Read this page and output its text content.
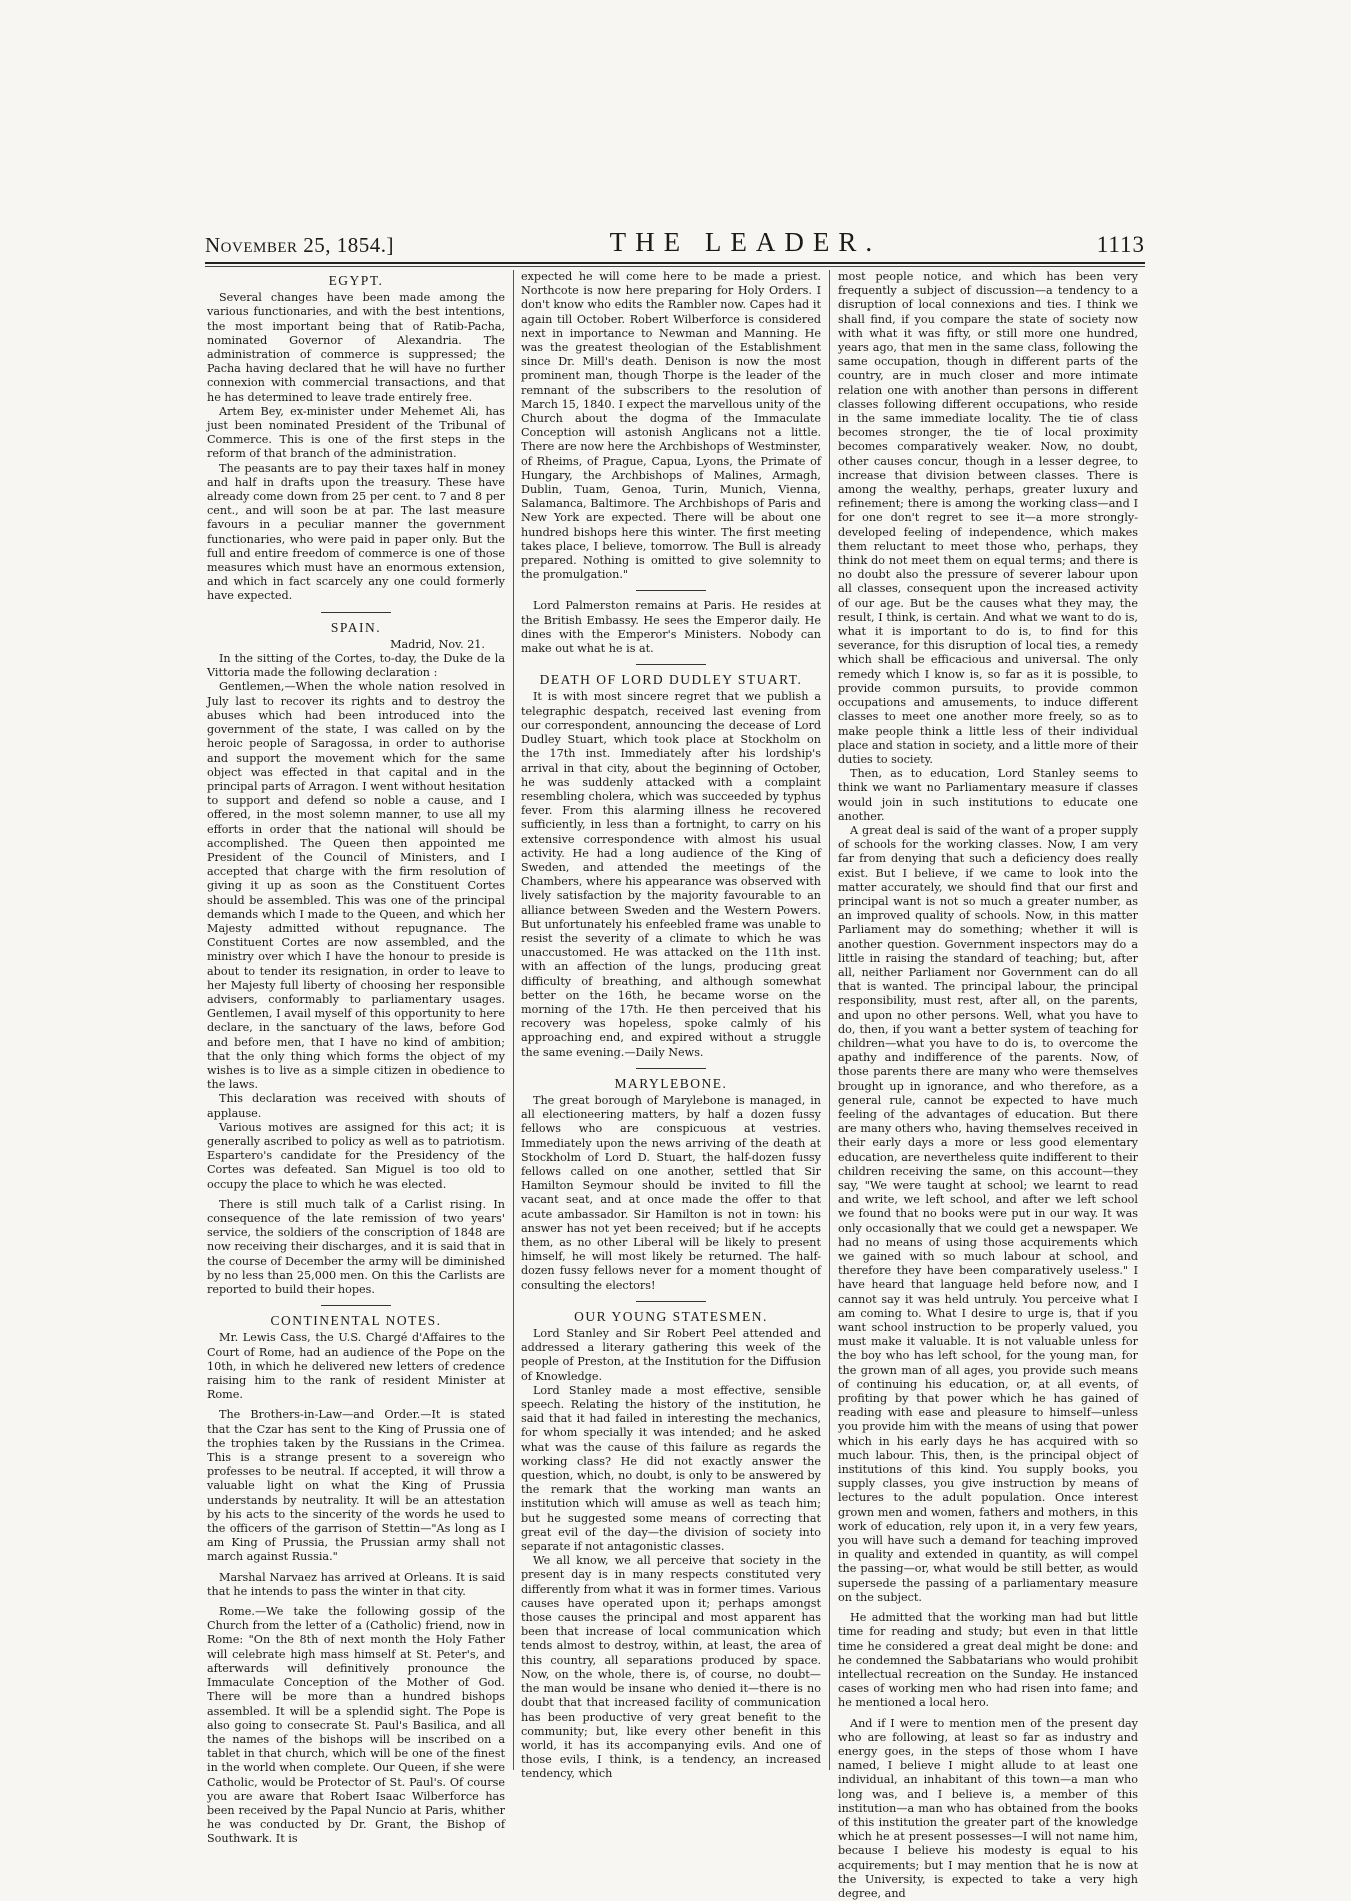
November 25, 1854.]	THE LEADER.	1113
EGYPT.

Several changes have been made among the various functionaries, and with the best intentions, the most important being that of Ratib-Pacha, nominated Governor of Alexandria. The administration of commerce is suppressed; the Pacha having declared that he will have no further connexion with commercial transactions, and that he has determined to leave trade entirely free.

Artem Bey, ex-minister under Mehemet Ali, has just been nominated President of the Tribunal of Commerce. This is one of the first steps in the reform of that branch of the administration.

The peasants are to pay their taxes half in money and half in drafts upon the treasury. These have already come down from 25 per cent. to 7 and 8 per cent., and will soon be at par. The last measure favours in a peculiar manner the government functionaries, who were paid in paper only. But the full and entire freedom of commerce is one of those measures which must have an enormous extension, and which in fact scarcely any one could formerly have expected.

SPAIN.

Madrid, Nov. 21.

In the sitting of the Cortes, to-day, the Duke de la Vittoria made the following declaration :

Gentlemen,—When the whole nation resolved in July last to recover its rights and to destroy the abuses which had been introduced into the government of the state, I was called on by the heroic people of Saragossa, in order to authorise and support the movement which for the same object was effected in that capital and in the principal parts of Arragon. I went without hesitation to support and defend so noble a cause, and I offered, in the most solemn manner, to use all my efforts in order that the national will should be accomplished. The Queen then appointed me President of the Council of Ministers, and I accepted that charge with the firm resolution of giving it up as soon as the Constituent Cortes should be assembled. This was one of the principal demands which I made to the Queen, and which her Majesty admitted without repugnance. The Constituent Cortes are now assembled, and the ministry over which I have the honour to preside is about to tender its resignation, in order to leave to her Majesty full liberty of choosing her responsible advisers, conformably to parliamentary usages. Gentlemen, I avail myself of this opportunity to here declare, in the sanctuary of the laws, before God and before men, that I have no kind of ambition; that the only thing which forms the object of my wishes is to live as a simple citizen in obedience to the laws.

This declaration was received with shouts of applause.

Various motives are assigned for this act; it is generally ascribed to policy as well as to patriotism. Espartero's candidate for the Presidency of the Cortes was defeated. San Miguel is too old to occupy the place to which he was elected.

There is still much talk of a Carlist rising. In consequence of the late remission of two years' service, the soldiers of the conscription of 1848 are now receiving their discharges, and it is said that in the course of December the army will be diminished by no less than 25,000 men. On this the Carlists are reported to build their hopes.

CONTINENTAL NOTES.

Mr. Lewis Cass, the U.S. Chargé d'Affaires to the Court of Rome, had an audience of the Pope on the 10th, in which he delivered new letters of credence raising him to the rank of resident Minister at Rome.

The Brothers-in-Law—and Order.—It is stated that the Czar has sent to the King of Prussia one of the trophies taken by the Russians in the Crimea. This is a strange present to a sovereign who professes to be neutral. If accepted, it will throw a valuable light on what the King of Prussia understands by neutrality. It will be an attestation by his acts to the sincerity of the words he used to the officers of the garrison of Stettin—"As long as I am King of Prussia, the Prussian army shall not march against Russia."

Marshal Narvaez has arrived at Orleans. It is said that he intends to pass the winter in that city.

Rome.—We take the following gossip of the Church from the letter of a (Catholic) friend, now in Rome: "On the 8th of next month the Holy Father will celebrate high mass himself at St. Peter's, and afterwards will definitively pronounce the Immaculate Conception of the Mother of God. There will be more than a hundred bishops assembled. It will be a splendid sight. The Pope is also going to consecrate St. Paul's Basilica, and all the names of the bishops will be inscribed on a tablet in that church, which will be one of the finest in the world when complete. Our Queen, if she were Catholic, would be Protector of St. Paul's. Of course you are aware that Robert Isaac Wilberforce has been received by the Papal Nuncio at Paris, whither he was conducted by Dr. Grant, the Bishop of Southwark. It is

expected he will come here to be made a priest. Northcote is now here preparing for Holy Orders. I don't know who edits the Rambler now. Capes had it again till October. Robert Wilberforce is considered next in importance to Newman and Manning. He was the greatest theologian of the Establishment since Dr. Mill's death. Denison is now the most prominent man, though Thorpe is the leader of the remnant of the subscribers to the resolution of March 15, 1840. I expect the marvellous unity of the Church about the dogma of the Immaculate Conception will astonish Anglicans not a little. There are now here the Archbishops of Westminster, of Rheims, of Prague, Capua, Lyons, the Primate of Hungary, the Archbishops of Malines, Armagh, Dublin, Tuam, Genoa, Turin, Munich, Vienna, Salamanca, Baltimore. The Archbishops of Paris and New York are expected. There will be about one hundred bishops here this winter. The first meeting takes place, I believe, tomorrow. The Bull is already prepared. Nothing is omitted to give solemnity to the promulgation."

Lord Palmerston remains at Paris. He resides at the British Embassy. He sees the Emperor daily. He dines with the Emperor's Ministers. Nobody can make out what he is at.

DEATH OF LORD DUDLEY STUART.

It is with most sincere regret that we publish a telegraphic despatch, received last evening from our correspondent, announcing the decease of Lord Dudley Stuart, which took place at Stockholm on the 17th inst. Immediately after his lordship's arrival in that city, about the beginning of October, he was suddenly attacked with a complaint resembling cholera, which was succeeded by typhus fever. From this alarming illness he recovered sufficiently, in less than a fortnight, to carry on his extensive correspondence with almost his usual activity. He had a long audience of the King of Sweden, and attended the meetings of the Chambers, where his appearance was observed with lively satisfaction by the majority favourable to an alliance between Sweden and the Western Powers. But unfortunately his enfeebled frame was unable to resist the severity of a climate to which he was unaccustomed. He was attacked on the 11th inst. with an affection of the lungs, producing great difficulty of breathing, and although somewhat better on the 16th, he became worse on the morning of the 17th. He then perceived that his recovery was hopeless, spoke calmly of his approaching end, and expired without a struggle the same evening.—Daily News.

MARYLEBONE.

The great borough of Marylebone is managed, in all electioneering matters, by half a dozen fussy fellows who are conspicuous at vestries. Immediately upon the news arriving of the death at Stockholm of Lord D. Stuart, the half-dozen fussy fellows called on one another, settled that Sir Hamilton Seymour should be invited to fill the vacant seat, and at once made the offer to that acute ambassador. Sir Hamilton is not in town: his answer has not yet been received; but if he accepts them, as no other Liberal will be likely to present himself, he will most likely be returned. The half-dozen fussy fellows never for a moment thought of consulting the electors!

OUR YOUNG STATESMEN.

Lord Stanley and Sir Robert Peel attended and addressed a literary gathering this week of the people of Preston, at the Institution for the Diffusion of Knowledge.

Lord Stanley made a most effective, sensible speech. Relating the history of the institution, he said that it had failed in interesting the mechanics, for whom specially it was intended; and he asked what was the cause of this failure as regards the working class? He did not exactly answer the question, which, no doubt, is only to be answered by the remark that the working man wants an institution which will amuse as well as teach him; but he suggested some means of correcting that great evil of the day—the division of society into separate if not antagonistic classes.

We all know, we all perceive that society in the present day is in many respects constituted very differently from what it was in former times. Various causes have operated upon it; perhaps amongst those causes the principal and most apparent has been that increase of local communication which tends almost to destroy, within, at least, the area of this country, all separations produced by space. Now, on the whole, there is, of course, no doubt—the man would be insane who denied it—there is no doubt that that increased facility of communication has been productive of very great benefit to the community; but, like every other benefit in this world, it has its accompanying evils. And one of those evils, I think, is a tendency, an increased tendency, which

most people notice, and which has been very frequently a subject of discussion—a tendency to a disruption of local connexions and ties. I think we shall find, if you compare the state of society now with what it was fifty, or still more one hundred, years ago, that men in the same class, following the same occupation, though in different parts of the country, are in much closer and more intimate relation one with another than persons in different classes following different occupations, who reside in the same immediate locality. The tie of class becomes stronger, the tie of local proximity becomes comparatively weaker. Now, no doubt, other causes concur, though in a lesser degree, to increase that division between classes. There is among the wealthy, perhaps, greater luxury and refinement; there is among the working class—and I for one don't regret to see it—a more strongly-developed feeling of independence, which makes them reluctant to meet those who, perhaps, they think do not meet them on equal terms; and there is no doubt also the pressure of severer labour upon all classes, consequent upon the increased activity of our age. But be the causes what they may, the result, I think, is certain. And what we want to do is, what it is important to do is, to find for this severance, for this disruption of local ties, a remedy which shall be efficacious and universal. The only remedy which I know is, so far as it is possible, to provide common pursuits, to provide common occupations and amusements, to induce different classes to meet one another more freely, so as to make people think a little less of their individual place and station in society, and a little more of their duties to society.

Then, as to education, Lord Stanley seems to think we want no Parliamentary measure if classes would join in such institutions to educate one another.

A great deal is said of the want of a proper supply of schools for the working classes. Now, I am very far from denying that such a deficiency does really exist. But I believe, if we came to look into the matter accurately, we should find that our first and principal want is not so much a greater number, as an improved quality of schools. Now, in this matter Parliament may do something; whether it will is another question. Government inspectors may do a little in raising the standard of teaching; but, after all, neither Parliament nor Government can do all that is wanted. The principal labour, the principal responsibility, must rest, after all, on the parents, and upon no other persons. Well, what you have to do, then, if you want a better system of teaching for children—what you have to do is, to overcome the apathy and indifference of the parents. Now, of those parents there are many who were themselves brought up in ignorance, and who therefore, as a general rule, cannot be expected to have much feeling of the advantages of education. But there are many others who, having themselves received in their early days a more or less good elementary education, are nevertheless quite indifferent to their children receiving the same, on this account—they say, "We were taught at school; we learnt to read and write, we left school, and after we left school we found that no books were put in our way. It was only occasionally that we could get a newspaper. We had no means of using those acquirements which we gained with so much labour at school, and therefore they have been comparatively useless." I have heard that language held before now, and I cannot say it was held untruly. You perceive what I am coming to. What I desire to urge is, that if you want school instruction to be properly valued, you must make it valuable. It is not valuable unless for the boy who has left school, for the young man, for the grown man of all ages, you provide such means of continuing his education, or, at all events, of profiting by that power which he has gained of reading with ease and pleasure to himself—unless you provide him with the means of using that power which in his early days he has acquired with so much labour. This, then, is the principal object of institutions of this kind. You supply books, you supply classes, you give instruction by means of lectures to the adult population. Once interest grown men and women, fathers and mothers, in this work of education, rely upon it, in a very few years, you will have such a demand for teaching improved in quality and extended in quantity, as will compel the passing—or, what would be still better, as would supersede the passing of a parliamentary measure on the subject.

He admitted that the working man had but little time for reading and study; but even in that little time he considered a great deal might be done: and he condemned the Sabbatarians who would prohibit intellectual recreation on the Sunday. He instanced cases of working men who had risen into fame; and he mentioned a local hero.

And if I were to mention men of the present day who are following, at least so far as industry and energy goes, in the steps of those whom I have named, I believe I might allude to at least one individual, an inhabitant of this town—a man who long was, and I believe is, a member of this institution—a man who has obtained from the books of this institution the greater part of the knowledge which he at present possesses—I will not name him, because I believe his modesty is equal to his acquirements; but I may mention that he is now at the University, is expected to take a very high degree, and
